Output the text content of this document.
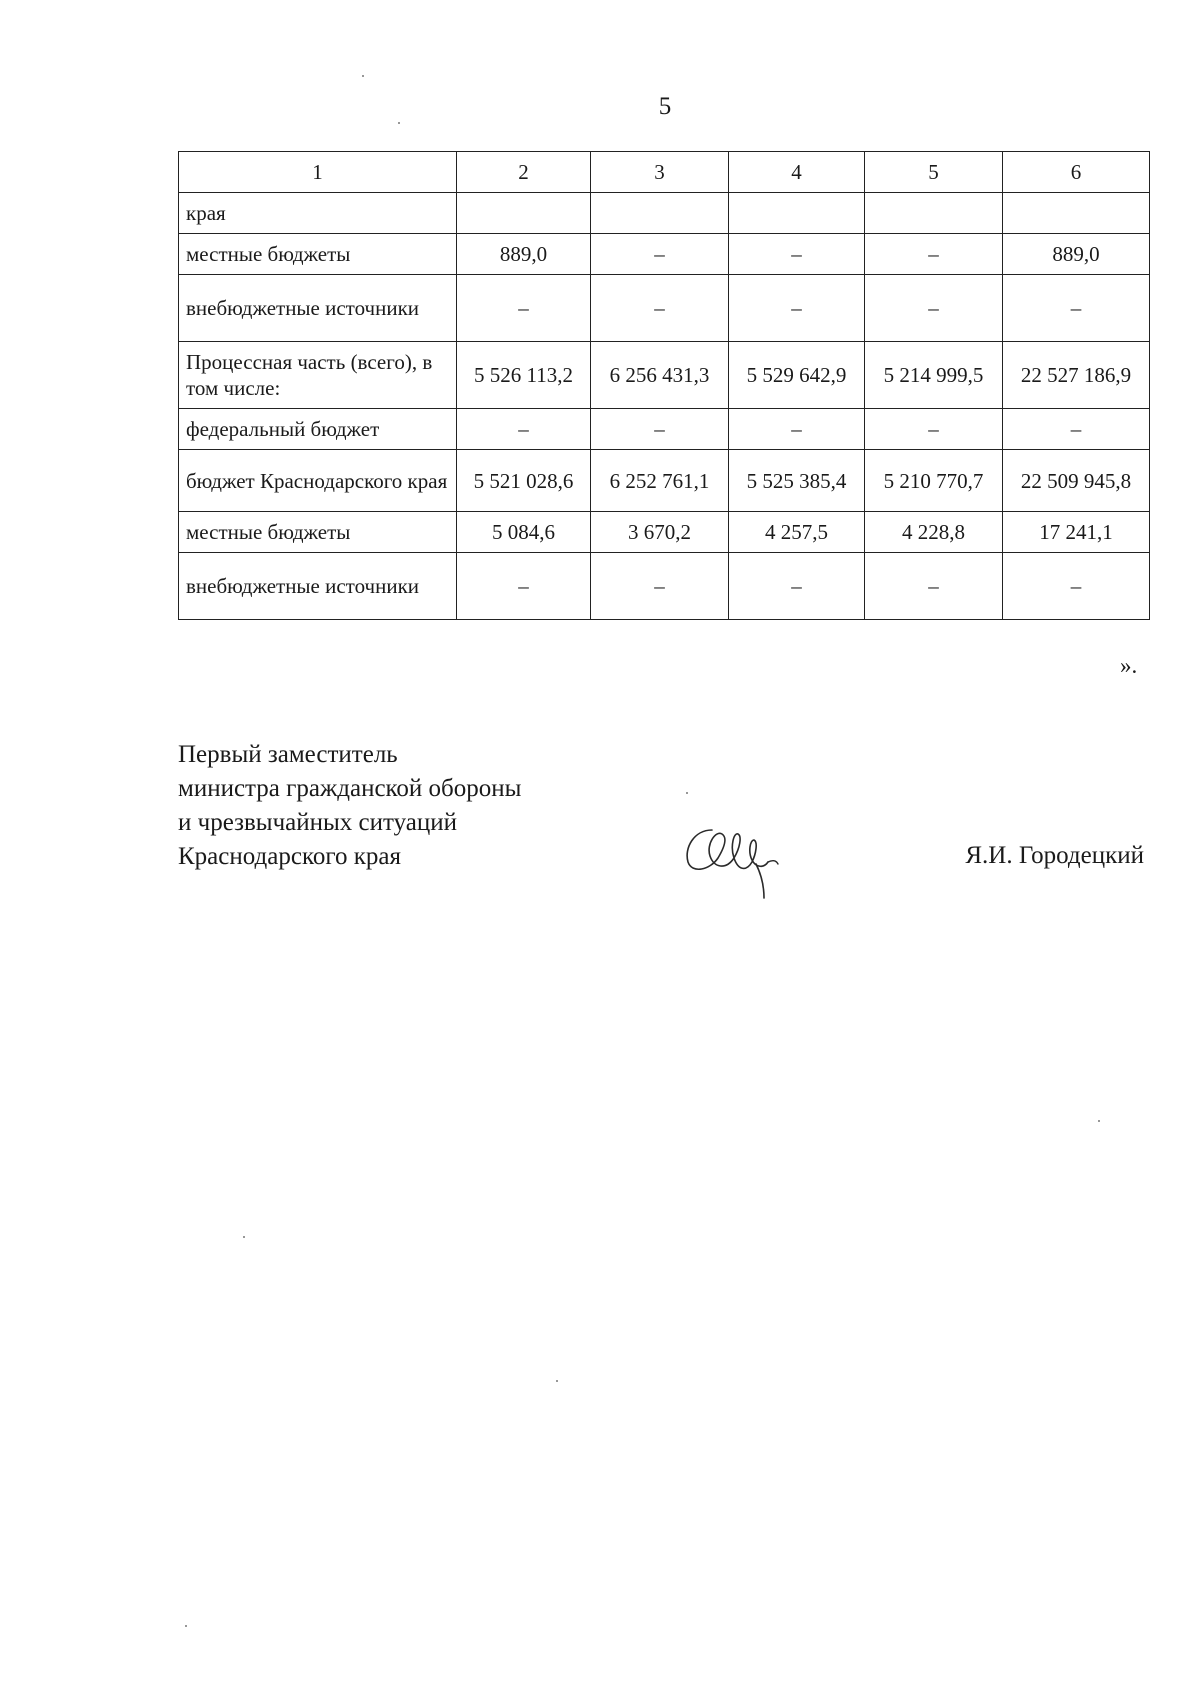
5
1	2	3	4	5	6
края					
местные бюджеты	889,0	–	–	–	889,0
внебюджетные источники	–	–	–	–	–
Процессная часть (всего), в том числе:	5 526 113,2	6 256 431,3	5 529 642,9	5 214 999,5	22 527 186,9
федеральный бюджет	–	–	–	–	–
бюджет Краснодарского края	5 521 028,6	6 252 761,1	5 525 385,4	5 210 770,7	22 509 945,8
местные бюджеты	5 084,6	3 670,2	4 257,5	4 228,8	17 241,1
внебюджетные источники	–	–	–	–	–
».
Первый заместитель
министра гражданской обороны
и чрезвычайных ситуаций
Краснодарского края	Я.И. Городецкий
